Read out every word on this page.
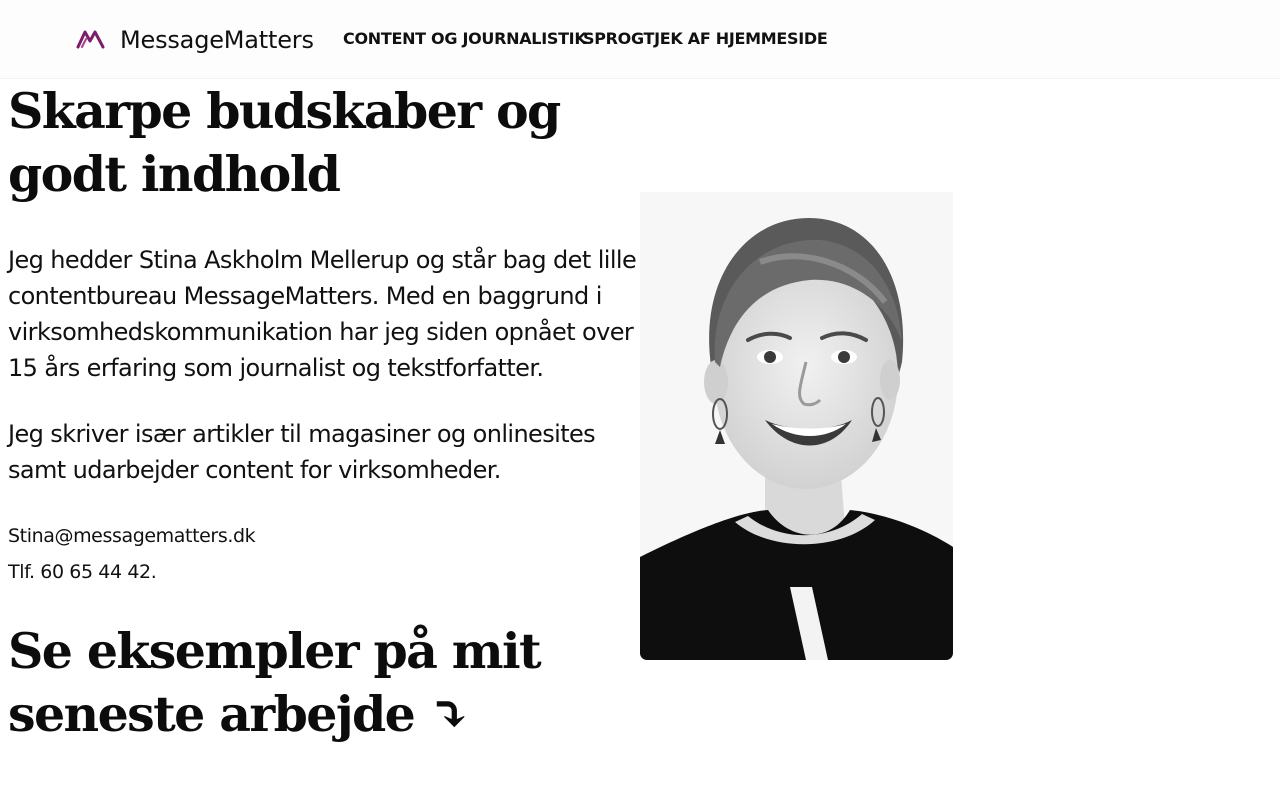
MessageMatters CONTENT OG JOURNALISTIK
SPROGTJEK AF HJEMMESIDE
Skarpe budskaber og godt indhold

Jeg hedder Stina Askholm Mellerup og står bag det lille contentbureau MessageMatters. Med en baggrund i virksomhedskommunikation har jeg siden opnået over 15 års erfaring som journalist og tekstforfatter.

Jeg skriver især artikler til magasiner og onlinesites samt udarbejder content for virksomheder.

Stina@messagematters.dk

Tlf. 60 65 44 42.

Se eksempler på mit seneste arbejde ⤵
